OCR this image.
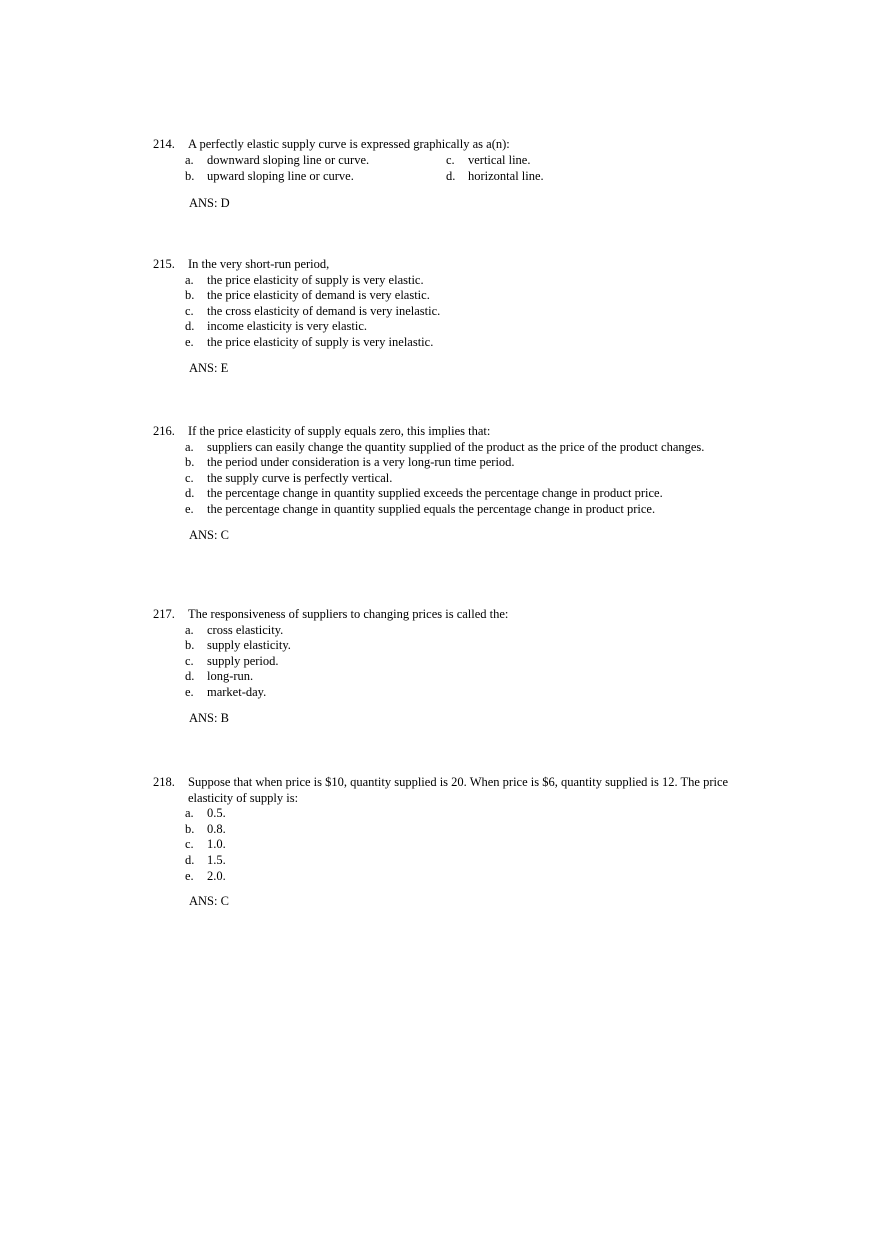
214. A perfectly elastic supply curve is expressed graphically as a(n):
a. downward sloping line or curve.
b. upward sloping line or curve.
c. vertical line.
d. horizontal line.
ANS: D
215. In the very short-run period,
a. the price elasticity of supply is very elastic.
b. the price elasticity of demand is very elastic.
c. the cross elasticity of demand is very inelastic.
d. income elasticity is very elastic.
e. the price elasticity of supply is very inelastic.
ANS: E
216. If the price elasticity of supply equals zero, this implies that:
a. suppliers can easily change the quantity supplied of the product as the price of the product changes.
b. the period under consideration is a very long-run time period.
c. the supply curve is perfectly vertical.
d. the percentage change in quantity supplied exceeds the percentage change in product price.
e. the percentage change in quantity supplied equals the percentage change in product price.
ANS: C
217. The responsiveness of suppliers to changing prices is called the:
a. cross elasticity.
b. supply elasticity.
c. supply period.
d. long-run.
e. market-day.
ANS: B
218. Suppose that when price is $10, quantity supplied is 20. When price is $6, quantity supplied is 12. The price elasticity of supply is:
a. 0.5.
b. 0.8.
c. 1.0.
d. 1.5.
e. 2.0.
ANS: C
